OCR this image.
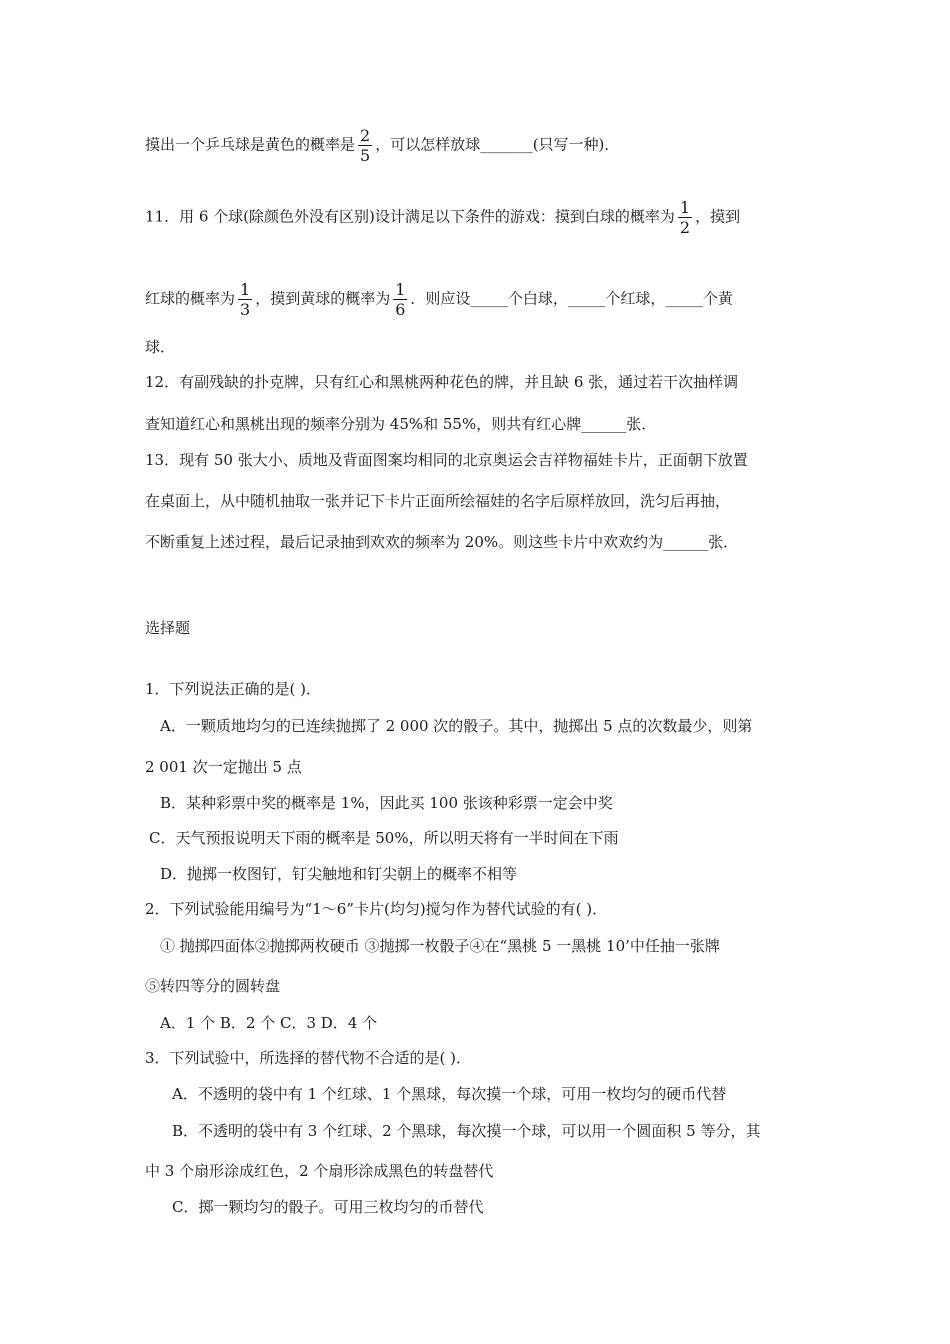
摸出一个乒乓球是黄色的概率是 $\frac{2}{5}$ ，可以怎样放球_______(只写一种)．
11．用 6 个球(除颜色外没有区别)设计满足以下条件的游戏：摸到白球的概率为 $\frac{1}{2}$ ，摸到
红球的概率为 $\frac{1}{3}$ ，摸到黄球的概率为 $\frac{1}{6}$ ．则应设_____个白球，_____个红球，_____个黄
球．
12．有副残缺的扑克牌，只有红心和黑桃两种花色的牌，并且缺 6 张，通过若干次抽样调
查知道红心和黑桃出现的频率分别为 45%和 55%，则共有红心牌______张．
13．现有 50 张大小、质地及背面图案均相同的北京奥运会吉祥物福娃卡片，正面朝下放置
在桌面上，从中随机抽取一张并记下卡片正面所绘福娃的名字后原样放回，洗匀后再抽，
不断重复上述过程，最后记录抽到欢欢的频率为 20%。则这些卡片中欢欢约为______张．
选择题
1．下列说法正确的是( )．
A．一颗质地均匀的已连续抛掷了 2 000 次的骰子。其中，抛掷出 5 点的次数最少，则第
2 001 次一定抛出 5 点
B．某种彩票中奖的概率是 1%，因此买 100 张该种彩票一定会中奖
C．天气预报说明天下雨的概率是 50%，所以明天将有一半时间在下雨
D．抛掷一枚图钉，钉尖触地和钉尖朝上的概率不相等
2．下列试验能用编号为“1～6”卡片(均匀)搅匀作为替代试验的有( )．
① 抛掷四面体②抛掷两枚硬币 ③抛掷一枚骰子④在“黑桃 5 一黑桃 10’中任抽一张牌
⑤转四等分的圆转盘
A．1 个 B．2 个 C．3 D．4 个
3．下列试验中，所选择的替代物不合适的是( )．
A．不透明的袋中有 1 个红球、1 个黑球，每次摸一个球，可用一枚均匀的硬币代替
B．不透明的袋中有 3 个红球、2 个黑球，每次摸一个球，可以用一个圆面积 5 等分，其
中 3 个扇形涂成红色，2 个扇形涂成黑色的转盘替代
C．掷一颗均匀的骰子。可用三枚均匀的币替代
